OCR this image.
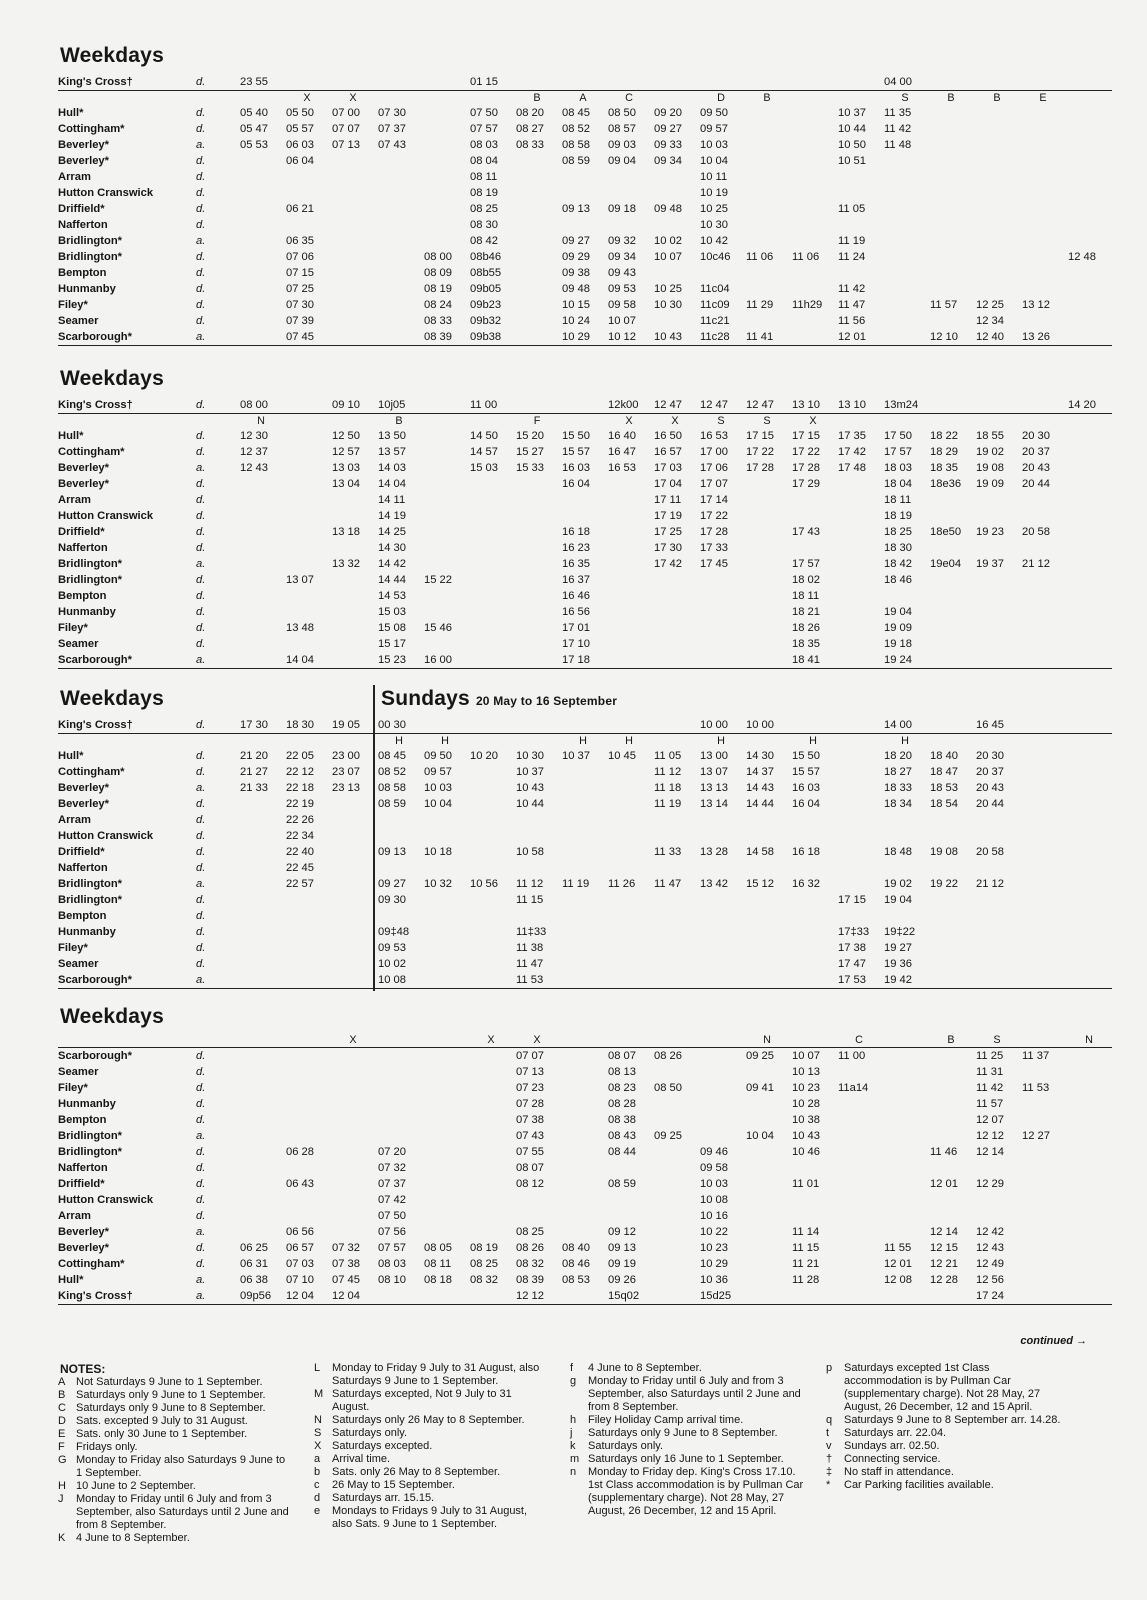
Weekdays
King's Cross†	d.	23 55					01 15									04 00				
			X	X				B	A	C		D	B			S	B	B	E	
Hull*	d.	05 40	05 50	07 00	07 30		07 50	08 20	08 45	08 50	09 20	09 50			10 37	11 35				
Cottingham*	d.	05 47	05 57	07 07	07 37		07 57	08 27	08 52	08 57	09 27	09 57			10 44	11 42				
Beverley*	a.	05 53	06 03	07 13	07 43		08 03	08 33	08 58	09 03	09 33	10 03			10 50	11 48				
Beverley*	d.		06 04				08 04		08 59	09 04	09 34	10 04			10 51					
Arram	d.						08 11					10 11								
Hutton Cranswick	d.						08 19					10 19								
Driffield*	d.		06 21				08 25		09 13	09 18	09 48	10 25			11 05					
Nafferton	d.						08 30					10 30								
Bridlington*	a.		06 35				08 42		09 27	09 32	10 02	10 42			11 19					
Bridlington*	d.		07 06			08 00	08b46		09 29	09 34	10 07	10c46	11 06	11 06	11 24					12 48
Bempton	d.		07 15			08 09	08b55		09 38	09 43										
Hunmanby	d.		07 25			08 19	09b05		09 48	09 53	10 25	11c04			11 42					
Filey*	d.		07 30			08 24	09b23		10 15	09 58	10 30	11c09	11 29	11h29	11 47		11 57	12 25	13 12	
Seamer	d.		07 39			08 33	09b32		10 24	10 07		11c21			11 56			12 34		
Scarborough*	a.		07 45			08 39	09b38		10 29	10 12	10 43	11c28	11 41		12 01		12 10	12 40	13 26	
Weekdays
King's Cross†	d.	08 00		09 10	10j05		11 00			12k00	12 47	12 47	12 47	13 10	13 10	13m24				14 20
		N			B			F		X	X	S	S	X						
Hull*	d.	12 30		12 50	13 50		14 50	15 20	15 50	16 40	16 50	16 53	17 15	17 15	17 35	17 50	18 22	18 55	20 30	
Cottingham*	d.	12 37		12 57	13 57		14 57	15 27	15 57	16 47	16 57	17 00	17 22	17 22	17 42	17 57	18 29	19 02	20 37	
Beverley*	a.	12 43		13 03	14 03		15 03	15 33	16 03	16 53	17 03	17 06	17 28	17 28	17 48	18 03	18 35	19 08	20 43	
Beverley*	d.			13 04	14 04				16 04		17 04	17 07		17 29		18 04	18e36	19 09	20 44	
Arram	d.				14 11						17 11	17 14				18 11				
Hutton Cranswick	d.				14 19						17 19	17 22				18 19				
Driffield*	d.			13 18	14 25				16 18		17 25	17 28		17 43		18 25	18e50	19 23	20 58	
Nafferton	d.				14 30				16 23		17 30	17 33				18 30				
Bridlington*	a.			13 32	14 42				16 35		17 42	17 45		17 57		18 42	19e04	19 37	21 12	
Bridlington*	d.		13 07		14 44	15 22			16 37					18 02		18 46				
Bempton	d.				14 53				16 46					18 11						
Hunmanby	d.				15 03				16 56					18 21		19 04				
Filey*	d.		13 48		15 08	15 46			17 01					18 26		19 09				
Seamer	d.				15 17				17 10					18 35		19 18				
Scarborough*	a.		14 04		15 23	16 00			17 18					18 41		19 24				
Weekdays	Sundays 20 May to 16 September
King's Cross†	d.	17 30	18 30	19 05	00 30							10 00	10 00			14 00		16 45		
					H	H			H	H		H		H		H				
Hull*	d.	21 20	22 05	23 00	08 45	09 50	10 20	10 30	10 37	10 45	11 05	13 00	14 30	15 50		18 20	18 40	20 30		
Cottingham*	d.	21 27	22 12	23 07	08 52	09 57		10 37			11 12	13 07	14 37	15 57		18 27	18 47	20 37		
Beverley*	a.	21 33	22 18	23 13	08 58	10 03		10 43			11 18	13 13	14 43	16 03		18 33	18 53	20 43		
Beverley*	d.		22 19		08 59	10 04		10 44			11 19	13 14	14 44	16 04		18 34	18 54	20 44		
Arram	d.		22 26																	
Hutton Cranswick	d.		22 34																	
Driffield*	d.		22 40		09 13	10 18		10 58			11 33	13 28	14 58	16 18		18 48	19 08	20 58		
Nafferton	d.		22 45																	
Bridlington*	a.		22 57		09 27	10 32	10 56	11 12	11 19	11 26	11 47	13 42	15 12	16 32		19 02	19 22	21 12		
Bridlington*	d.				09 30			11 15							17 15	19 04				
Bempton	d.																			
Hunmanby	d.				09‡48			11‡33							17‡33	19‡22				
Filey*	d.				09 53			11 38							17 38	19 27				
Seamer	d.				10 02			11 47							17 47	19 36				
Scarborough*	a.				10 08			11 53							17 53	19 42				
Weekdays
				X			X	X					N		C		B	S		N
Scarborough*	d.							07 07		08 07	08 26		09 25	10 07	11 00			11 25	11 37	
Seamer	d.							07 13		08 13				10 13				11 31		
Filey*	d.							07 23		08 23	08 50		09 41	10 23	11a14			11 42	11 53	
Hunmanby	d.							07 28		08 28				10 28				11 57		
Bempton	d.							07 38		08 38				10 38				12 07		
Bridlington*	a.							07 43		08 43	09 25		10 04	10 43				12 12	12 27	
Bridlington*	d.		06 28		07 20			07 55		08 44		09 46		10 46			11 46	12 14		
Nafferton	d.				07 32			08 07				09 58								
Driffield*	d.		06 43		07 37			08 12		08 59		10 03		11 01			12 01	12 29		
Hutton Cranswick	d.				07 42							10 08								
Arram	d.				07 50							10 16								
Beverley*	a.		06 56		07 56			08 25		09 12		10 22		11 14			12 14	12 42		
Beverley*	d.	06 25	06 57	07 32	07 57	08 05	08 19	08 26	08 40	09 13		10 23		11 15		11 55	12 15	12 43		
Cottingham*	d.	06 31	07 03	07 38	08 03	08 11	08 25	08 32	08 46	09 19		10 29		11 21		12 01	12 21	12 49		
Hull*	a.	06 38	07 10	07 45	08 10	08 18	08 32	08 39	08 53	09 26		10 36		11 28		12 08	12 28	12 56		
King's Cross†	a.	09p56	12 04	12 04				12 12		15q02		15d25						17 24		
continued →
NOTES:
A Not Saturdays 9 June to 1 September.
B Saturdays only 9 June to 1 September.
C Saturdays only 9 June to 8 September.
D Sats. excepted 9 July to 31 August.
E Sats. only 30 June to 1 September.
F	Fridays only.
G Monday to Friday also Saturdays 9 June to 1 September.
H 10 June to 2 September.
J	Monday to Friday until 6 July and from 3 September, also Saturdays until 2 June and from 8 September.
K 4 June to 8 September.
L	Monday to Friday 9 July to 31 August, also Saturdays 9 June to 1 September.
M Saturdays excepted, Not 9 July to 31 August.
N Saturdays only 26 May to 8 September.
S Saturdays only.
X Saturdays excepted.
a	Arrival time.
b	Sats. only 26 May to 8 September.
c	26 May to 15 September.
d	Saturdays arr. 15.15.
e	Mondays to Fridays 9 July to 31 August, also Sats. 9 June to 1 September.
f	4 June to 8 September.
g	Monday to Friday until 6 July and from 3 September, also Saturdays until 2 June and from 8 September.
h	Filey Holiday Camp arrival time.
j	Saturdays only 9 June to 8 September.
k	Saturdays only.
m Saturdays only 16 June to 1 September.
n	Monday to Friday dep. King's Cross 17.10. 1st Class accommodation is by Pullman Car (supplementary charge). Not 28 May, 27 August, 26 December, 12 and 15 April.
p	Saturdays excepted 1st Class accommodation is by Pullman Car (supplementary charge). Not 28 May, 27 August, 26 December, 12 and 15 April.
q	Saturdays 9 June to 8 September arr. 14.28.
t	Saturdays arr. 22.04.
v	Sundays arr. 02.50.
†	Connecting service.
‡	No staff in attendance.
*	Car Parking facilities available.
